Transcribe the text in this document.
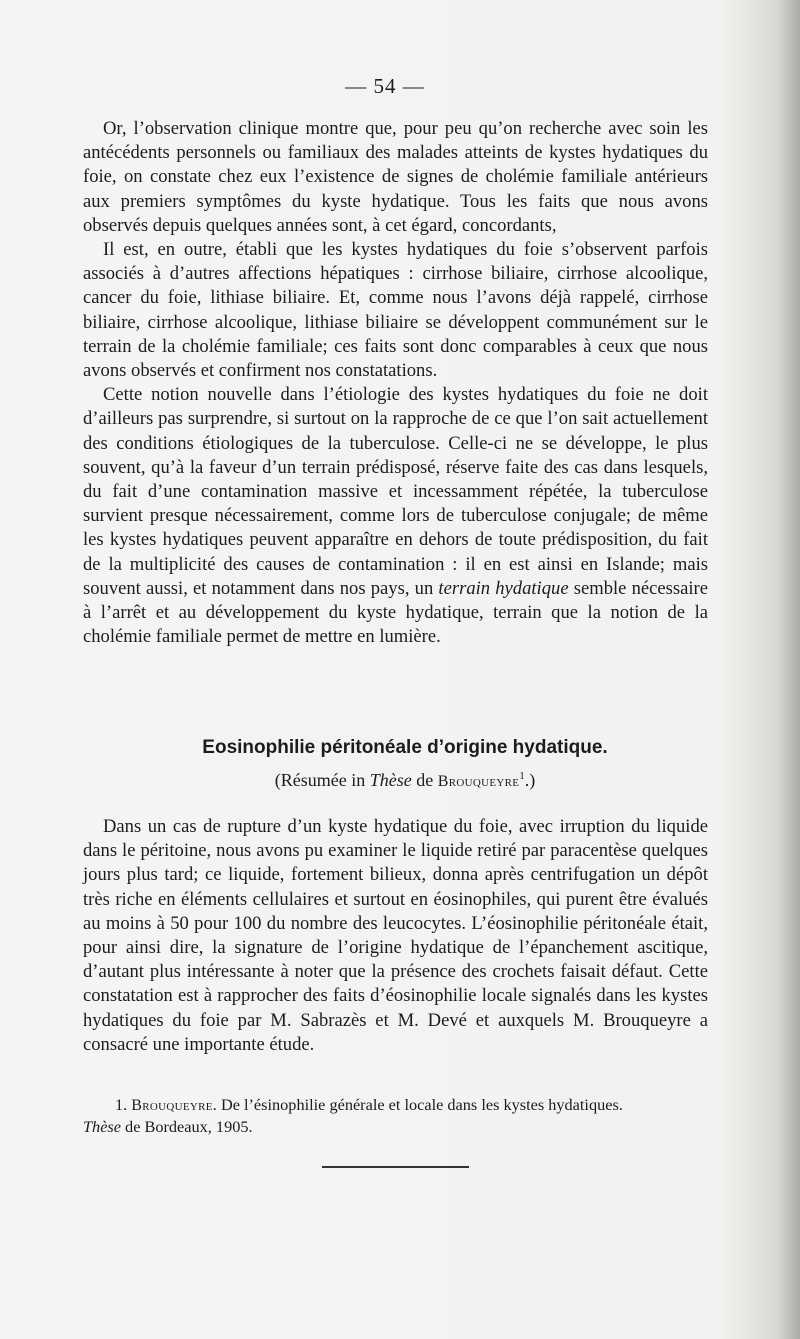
— 54 —

Or, l’observation clinique montre que, pour peu qu’on recherche avec soin les antécédents personnels ou familiaux des malades atteints de kystes hydatiques du foie, on constate chez eux l’existence de signes de cholémie familiale antérieurs aux premiers symptômes du kyste hydatique. Tous les faits que nous avons observés depuis quelques années sont, à cet égard, concordants,

Il est, en outre, établi que les kystes hydatiques du foie s’observent parfois associés à d’autres affections hépatiques : cirrhose biliaire, cirrhose alcoolique, cancer du foie, lithiase biliaire. Et, comme nous l’avons déjà rappelé, cirrhose biliaire, cirrhose alcoolique, lithiase biliaire se développent communément sur le terrain de la cholémie familiale; ces faits sont donc comparables à ceux que nous avons observés et confirment nos constatations.

Cette notion nouvelle dans l’étiologie des kystes hydatiques du foie ne doit d’ailleurs pas surprendre, si surtout on la rapproche de ce que l’on sait actuellement des conditions étiologiques de la tuberculose. Celle-ci ne se développe, le plus souvent, qu’à la faveur d’un terrain prédisposé, réserve faite des cas dans lesquels, du fait d’une contamination massive et incessamment répétée, la tuberculose survient presque nécessairement, comme lors de tuberculose conjugale; de même les kystes hydatiques peuvent apparaître en dehors de toute prédisposition, du fait de la multiplicité des causes de contamination : il en est ainsi en Islande; mais souvent aussi, et notamment dans nos pays, un terrain hydatique semble nécessaire à l’arrêt et au développement du kyste hydatique, terrain que la notion de la cholémie familiale permet de mettre en lumière.

Eosinophilie péritonéale d’origine hydatique.
(Résumée in Thèse de Brouqueyre$^1$.)

Dans un cas de rupture d’un kyste hydatique du foie, avec irruption du liquide dans le péritoine, nous avons pu examiner le liquide retiré par paracentèse quelques jours plus tard; ce liquide, fortement bilieux, donna après centrifugation un dépôt très riche en éléments cellulaires et surtout en éosinophiles, qui purent être évalués au moins à 50 pour 100 du nombre des leucocytes. L’éosinophilie péritonéale était, pour ainsi dire, la signature de l’origine hydatique de l’épanchement ascitique, d’autant plus intéressante à noter que la présence des crochets faisait défaut. Cette constatation est à rapprocher des faits d’éosinophilie locale signalés dans les kystes hydatiques du foie par M. Sabrazès et M. Devé et auxquels M. Brouqueyre a consacré une importante étude.

1. Brouqueyre. De l’ésinophilie générale et locale dans les kystes hydatiques.
Thèse de Bordeaux, 1905.
